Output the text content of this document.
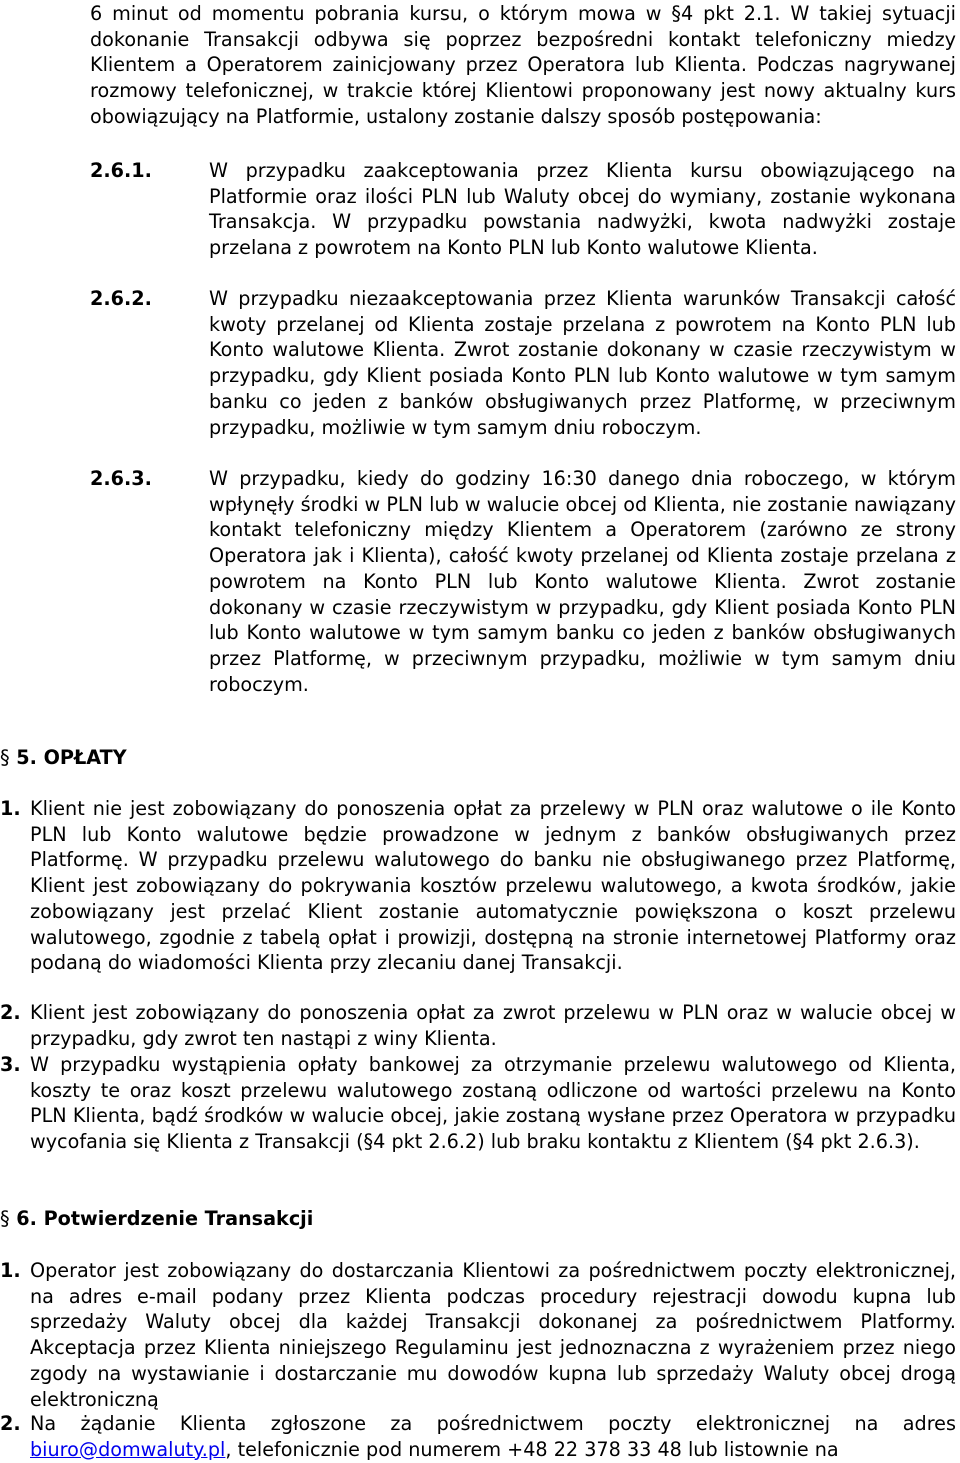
6 minut od momentu pobrania kursu, o którym mowa w §4 pkt 2.1. W takiej sytuacji dokonanie Transakcji odbywa się poprzez bezpośredni kontakt telefoniczny miedzy Klientem a Operatorem zainicjowany przez Operatora lub Klienta. Podczas nagrywanej rozmowy telefonicznej, w trakcie której Klientowi proponowany jest nowy aktualny kurs obowiązujący na Platformie, ustalony zostanie dalszy sposób postępowania:
2.6.1.	W przypadku zaakceptowania przez Klienta kursu obowiązującego na Platformie oraz ilości PLN lub Waluty obcej do wymiany, zostanie wykonana Transakcja. W przypadku powstania nadwyżki, kwota nadwyżki zostaje przelana z powrotem na Konto PLN lub Konto walutowe Klienta.
2.6.2.	W przypadku niezaakceptowania przez Klienta warunków Transakcji całość kwoty przelanej od Klienta zostaje przelana z powrotem na Konto PLN lub Konto walutowe Klienta. Zwrot zostanie dokonany w czasie rzeczywistym w przypadku, gdy Klient posiada Konto PLN lub Konto walutowe w tym samym banku co jeden z banków obsługiwanych przez Platformę, w przeciwnym przypadku, możliwie w tym samym dniu roboczym.
2.6.3.	W przypadku, kiedy do godziny 16:30 danego dnia roboczego, w którym wpłynęły środki w PLN lub w walucie obcej od Klienta, nie zostanie nawiązany kontakt telefoniczny między Klientem a Operatorem (zarówno ze strony Operatora jak i Klienta), całość kwoty przelanej od Klienta zostaje przelana z powrotem na Konto PLN lub Konto walutowe Klienta. Zwrot zostanie dokonany w czasie rzeczywistym w przypadku, gdy Klient posiada Konto PLN lub Konto walutowe w tym samym banku co jeden z banków obsługiwanych przez Platformę, w przeciwnym przypadku, możliwie w tym samym dniu roboczym.
§ 5. OPŁATY
1. Klient nie jest zobowiązany do ponoszenia opłat za przelewy w PLN oraz walutowe o ile Konto PLN lub Konto walutowe będzie prowadzone w jednym z banków obsługiwanych przez Platformę. W przypadku przelewu walutowego do banku nie obsługiwanego przez Platformę, Klient jest zobowiązany do pokrywania kosztów przelewu walutowego, a kwota środków, jakie zobowiązany jest przelać Klient zostanie automatycznie powiększona o koszt przelewu walutowego, zgodnie z tabelą opłat i prowizji, dostępną na stronie internetowej Platformy oraz podaną do wiadomości Klienta przy zlecaniu danej Transakcji.
2. Klient jest zobowiązany do ponoszenia opłat za zwrot przelewu w PLN oraz w walucie obcej w przypadku, gdy zwrot ten nastąpi z winy Klienta.
3. W przypadku wystąpienia opłaty bankowej za otrzymanie przelewu walutowego od Klienta, koszty te oraz koszt przelewu walutowego zostaną odliczone od wartości przelewu na Konto PLN Klienta, bądź środków w walucie obcej, jakie zostaną wysłane przez Operatora w przypadku wycofania się Klienta z Transakcji (§4 pkt 2.6.2) lub braku kontaktu z Klientem (§4 pkt 2.6.3).
§ 6. Potwierdzenie Transakcji
1. Operator jest zobowiązany do dostarczania Klientowi za pośrednictwem poczty elektronicznej, na adres e-mail podany przez Klienta podczas procedury rejestracji dowodu kupna lub sprzedaży Waluty obcej dla każdej Transakcji dokonanej za pośrednictwem Platformy. Akceptacja przez Klienta niniejszego Regulaminu jest jednoznaczna z wyrażeniem przez niego zgody na wystawianie i dostarczanie mu dowodów kupna lub sprzedaży Waluty obcej drogą elektroniczną
2. Na żądanie Klienta zgłoszone za pośrednictwem poczty elektronicznej na adres biuro@domwaluty.pl, telefonicznie pod numerem +48 22 378 33 48 lub listownie na
